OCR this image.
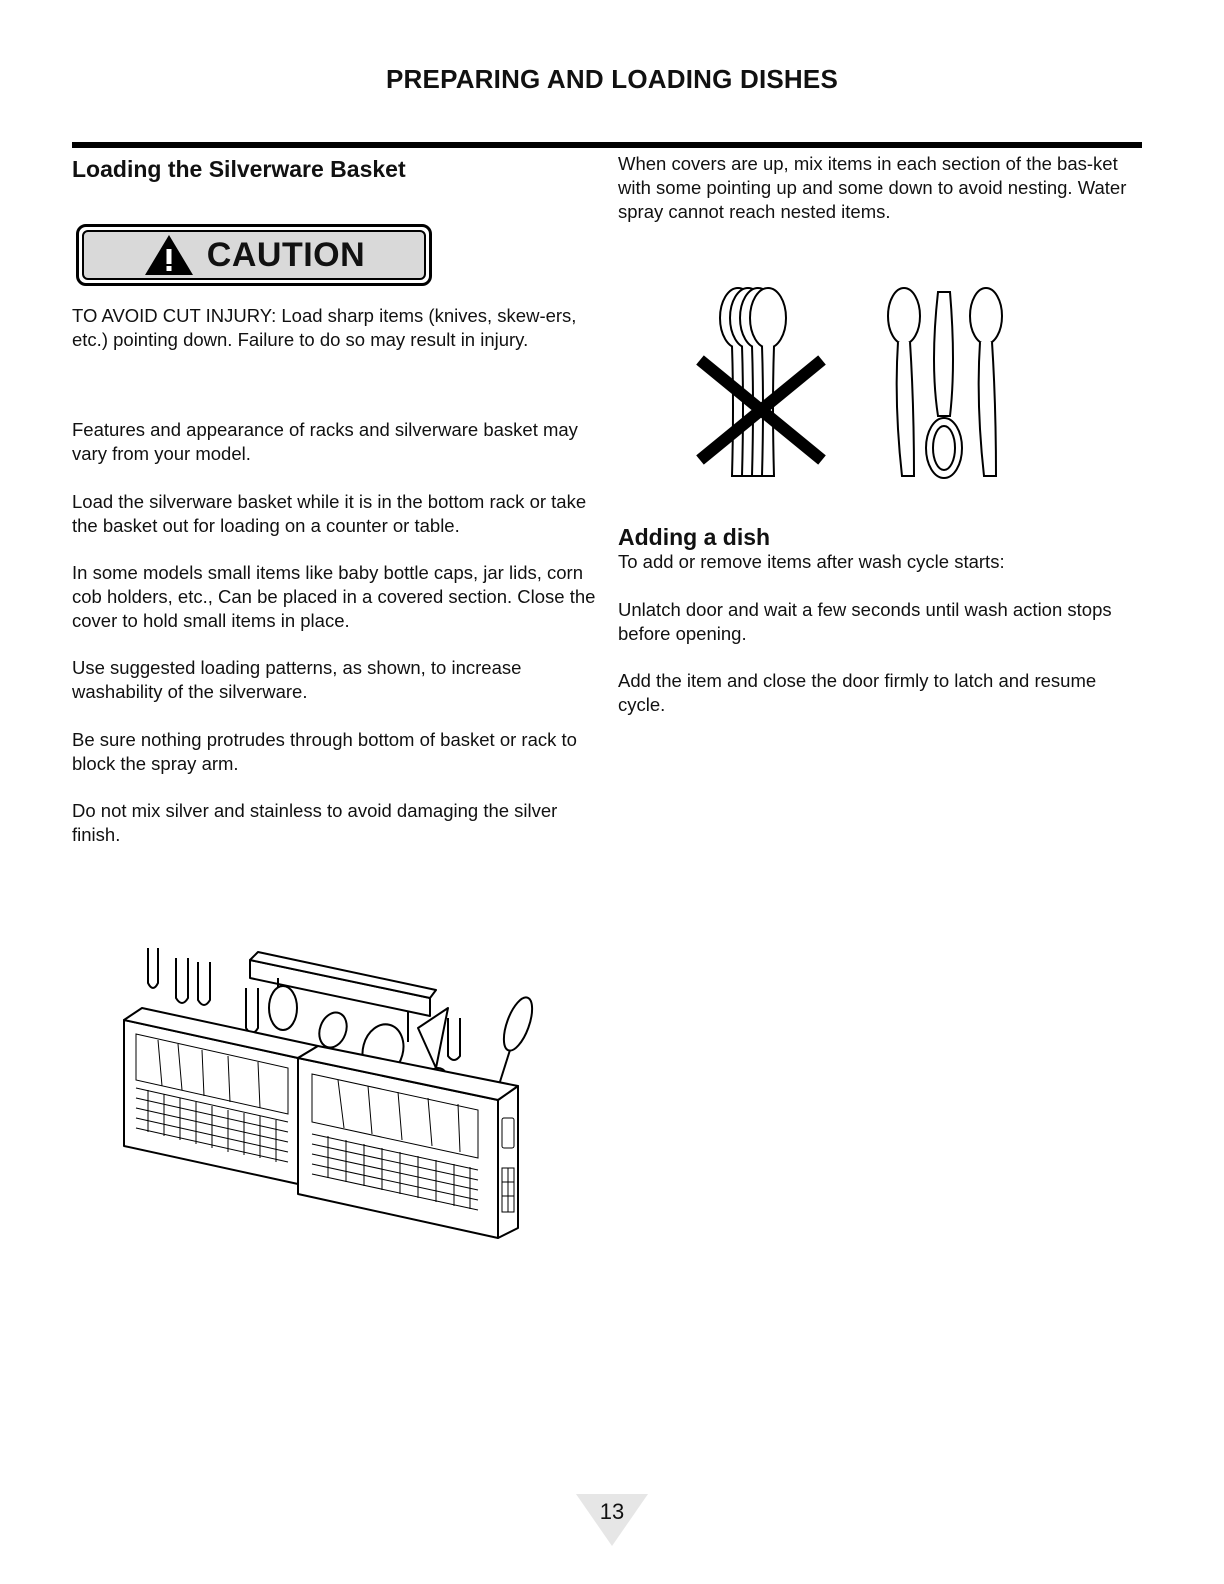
PREPARING AND LOADING DISHES
Loading the Silverware Basket
CAUTION

TO AVOID CUT INJURY: Load sharp items (knives, skew-ers, etc.) pointing down. Failure to do so may result in injury.

Features and appearance of racks and silverware basket may vary from your model.

Load the silverware basket while it is in the bottom rack or take the basket out for loading on a counter or table.

In some models small items like baby bottle caps, jar lids, corn cob holders, etc., Can be placed in a covered section. Close the cover to hold small items in place.

Use suggested loading patterns, as shown, to increase washability of the silverware.

Be sure nothing protrudes through bottom of basket or rack to block the spray arm.

Do not mix silver and stainless to avoid damaging the silver finish.

When covers are up, mix items in each section of the bas-ket with some pointing up and some down to avoid nesting. Water spray cannot reach nested items.

Adding a dish

To add or remove items after wash cycle starts:

Unlatch door and wait a few seconds until wash action stops before opening.

Add the item and close the door firmly to latch and resume cycle.

13
